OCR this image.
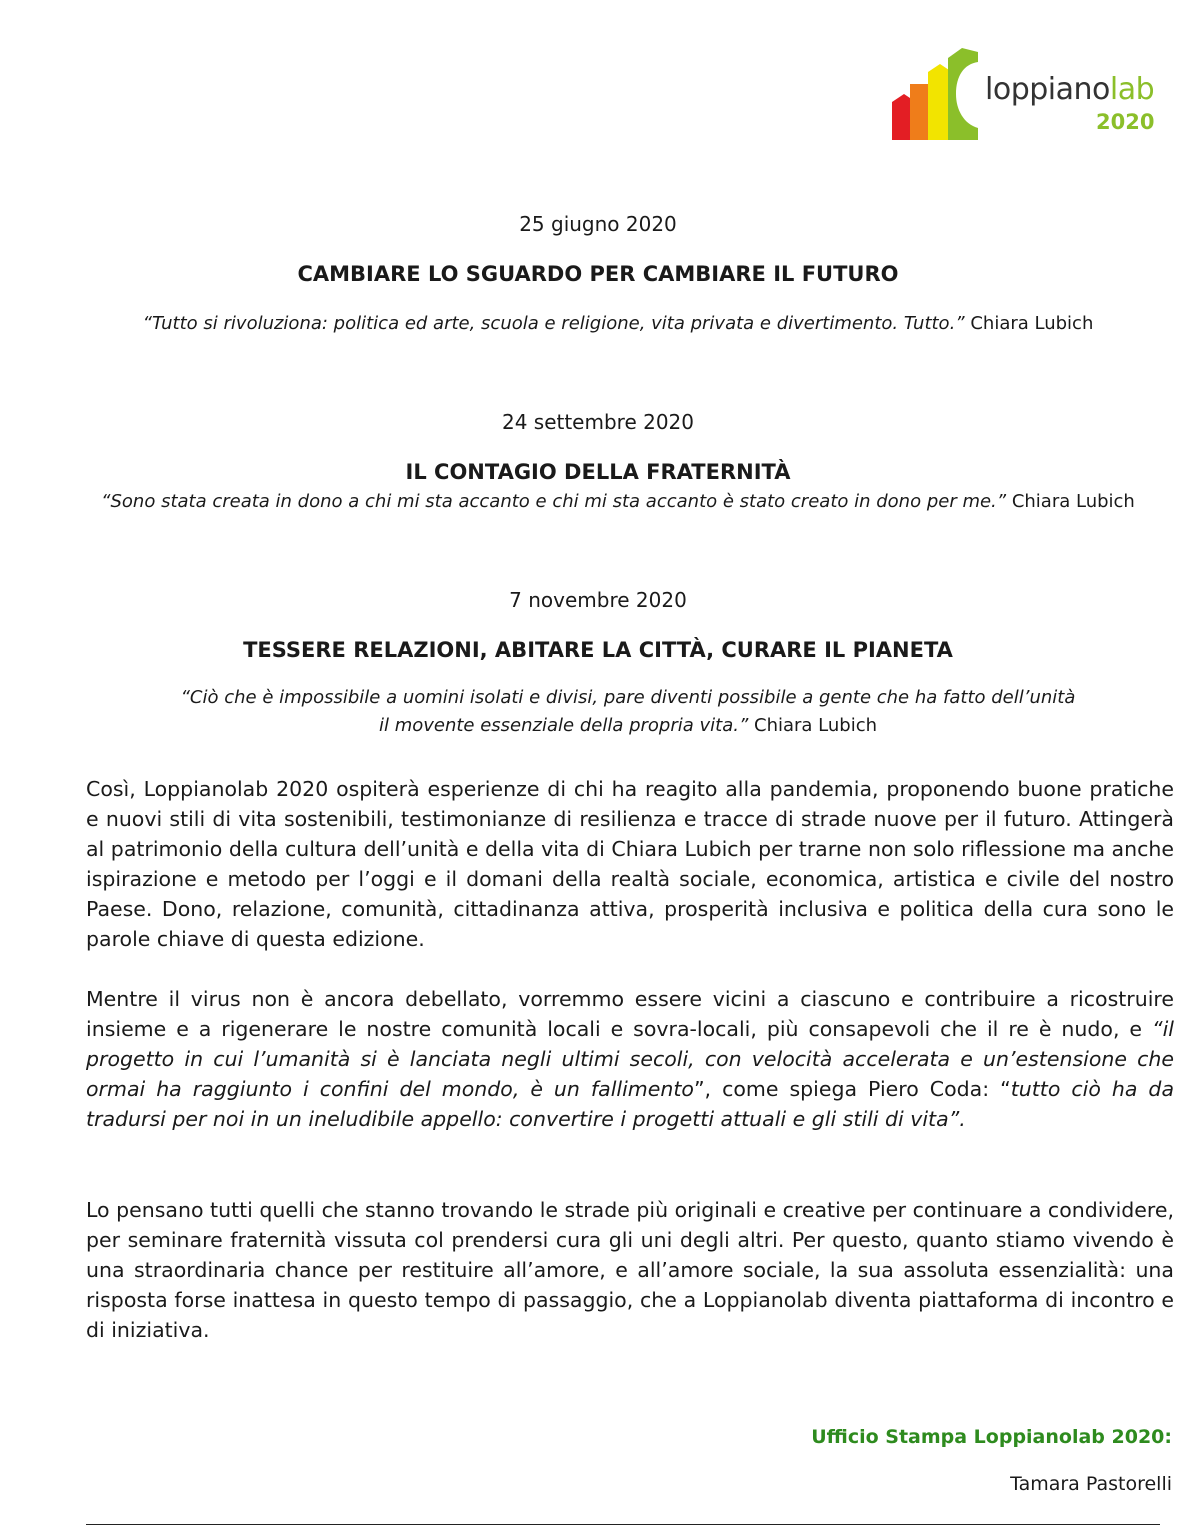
loppianolab
2020
25 giugno 2020
CAMBIARE LO SGUARDO PER CAMBIARE IL FUTURO
“Tutto si rivoluziona: politica ed arte, scuola e religione, vita privata e divertimento. Tutto.” Chiara Lubich
24 settembre 2020
IL CONTAGIO DELLA FRATERNITÀ
“Sono stata creata in dono a chi mi sta accanto e chi mi sta accanto è stato creato in dono per me.” Chiara Lubich
7 novembre 2020
TESSERE RELAZIONI, ABITARE LA CITTÀ, CURARE IL PIANETA
“Ciò che è impossibile a uomini isolati e divisi, pare diventi possibile a gente che ha fatto dell’unità
il movente essenziale della propria vita.” Chiara Lubich
Così, Loppianolab 2020 ospiterà esperienze di chi ha reagito alla pandemia, proponendo buone pratiche e nuovi stili di vita sostenibili, testimonianze di resilienza e tracce di strade nuove per il futuro. Attingerà al patrimonio della cultura dell’unità e della vita di Chiara Lubich per trarne non solo riflessione ma anche ispirazione e metodo per l’oggi e il domani della realtà sociale, economica, artistica e civile del nostro Paese. Dono, relazione, comunità, cittadinanza attiva, prosperità inclusiva e politica della cura sono le parole chiave di questa edizione.
Mentre il virus non è ancora debellato, vorremmo essere vicini a ciascuno e contribuire a ricostruire insieme e a rigenerare le nostre comunità locali e sovra-locali, più consapevoli che il re è nudo, e “il progetto in cui l’umanità si è lanciata negli ultimi secoli, con velocità accelerata e un’estensione che ormai ha raggiunto i confini del mondo, è un fallimento”, come spiega Piero Coda: “tutto ciò ha da tradursi per noi in un ineludibile appello: convertire i progetti attuali e gli stili di vita”.
Lo pensano tutti quelli che stanno trovando le strade più originali e creative per continuare a condividere, per seminare fraternità vissuta col prendersi cura gli uni degli altri. Per questo, quanto stiamo vivendo è una straordinaria chance per restituire all’amore, e all’amore sociale, la sua assoluta essenzialità: una risposta forse inattesa in questo tempo di passaggio, che a Loppianolab diventa piattaforma di incontro e di iniziativa.
Ufficio Stampa Loppianolab 2020:
Tamara Pastorelli
